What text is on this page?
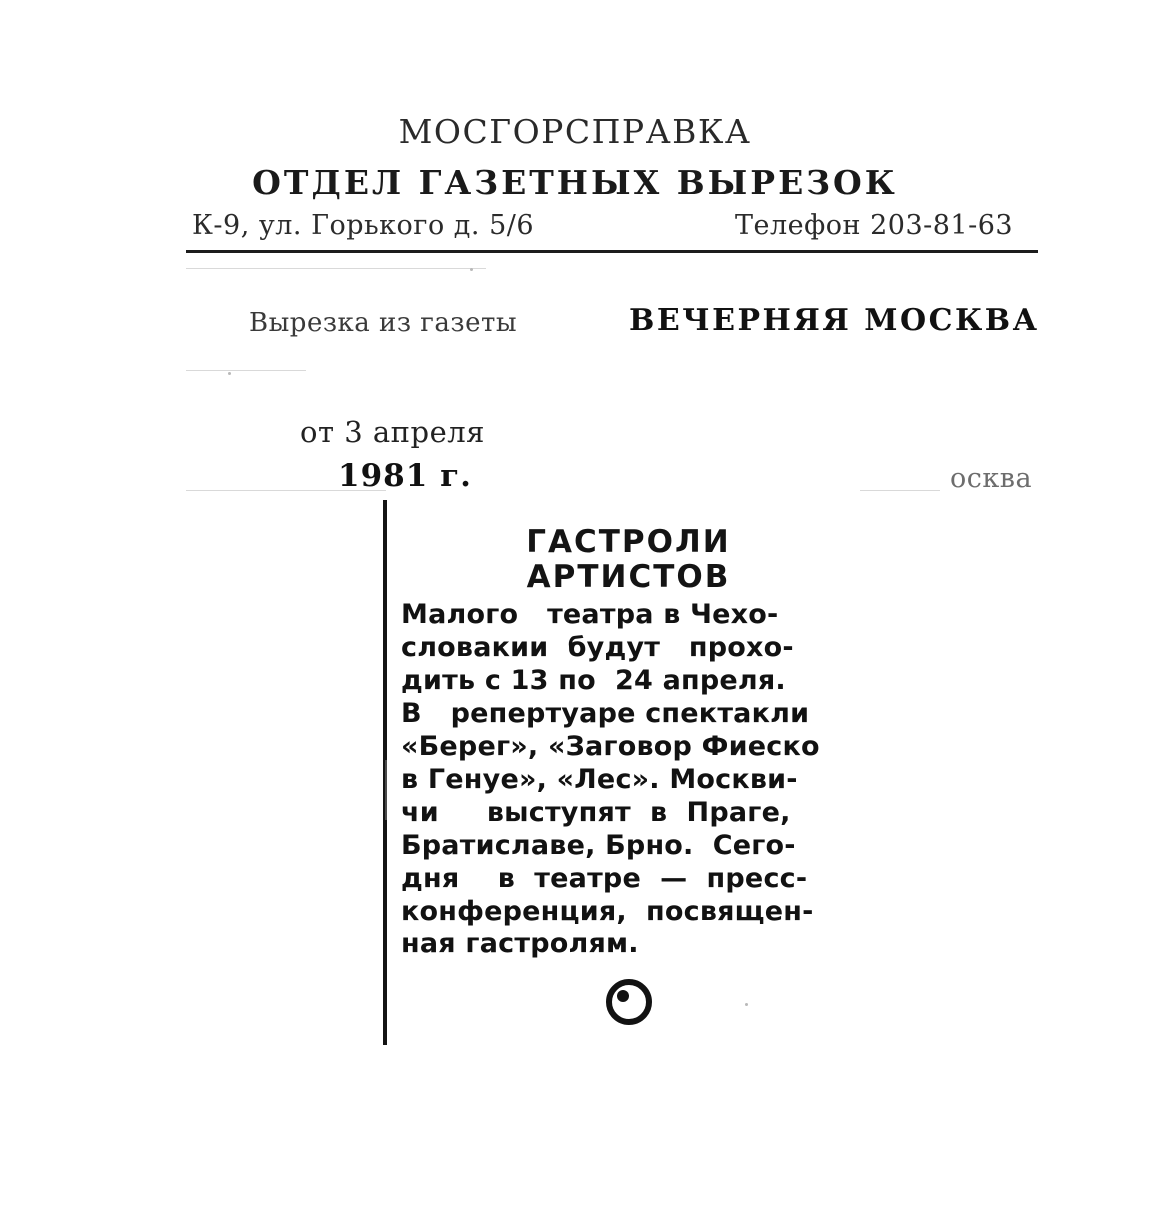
МОСГОРСПРАВКА
ОТДЕЛ ГАЗЕТНЫХ ВЫРЕЗОК
К-9, ул. Горького д. 5/6	Телефон 203-81-63
Вырезка из газеты	ВЕЧЕРНЯЯ МОСКВА
от 3 апреля
1981 г.	осква
ГАСТРОЛИ
АРТИСТОВ

Малого   театра в Чехо-

словакии  будут   прохо-

дить с 13 по  24 апреля.

В   репертуаре спектакли

«Берег», «Заговор Фиеско

в Генуе», «Лес». Москви-

чи     выступят  в  Праге,

Братиславе, Брно.  Сего-

дня    в  театре  —  пресс-

конференция,  посвящен-

ная гастролям.
